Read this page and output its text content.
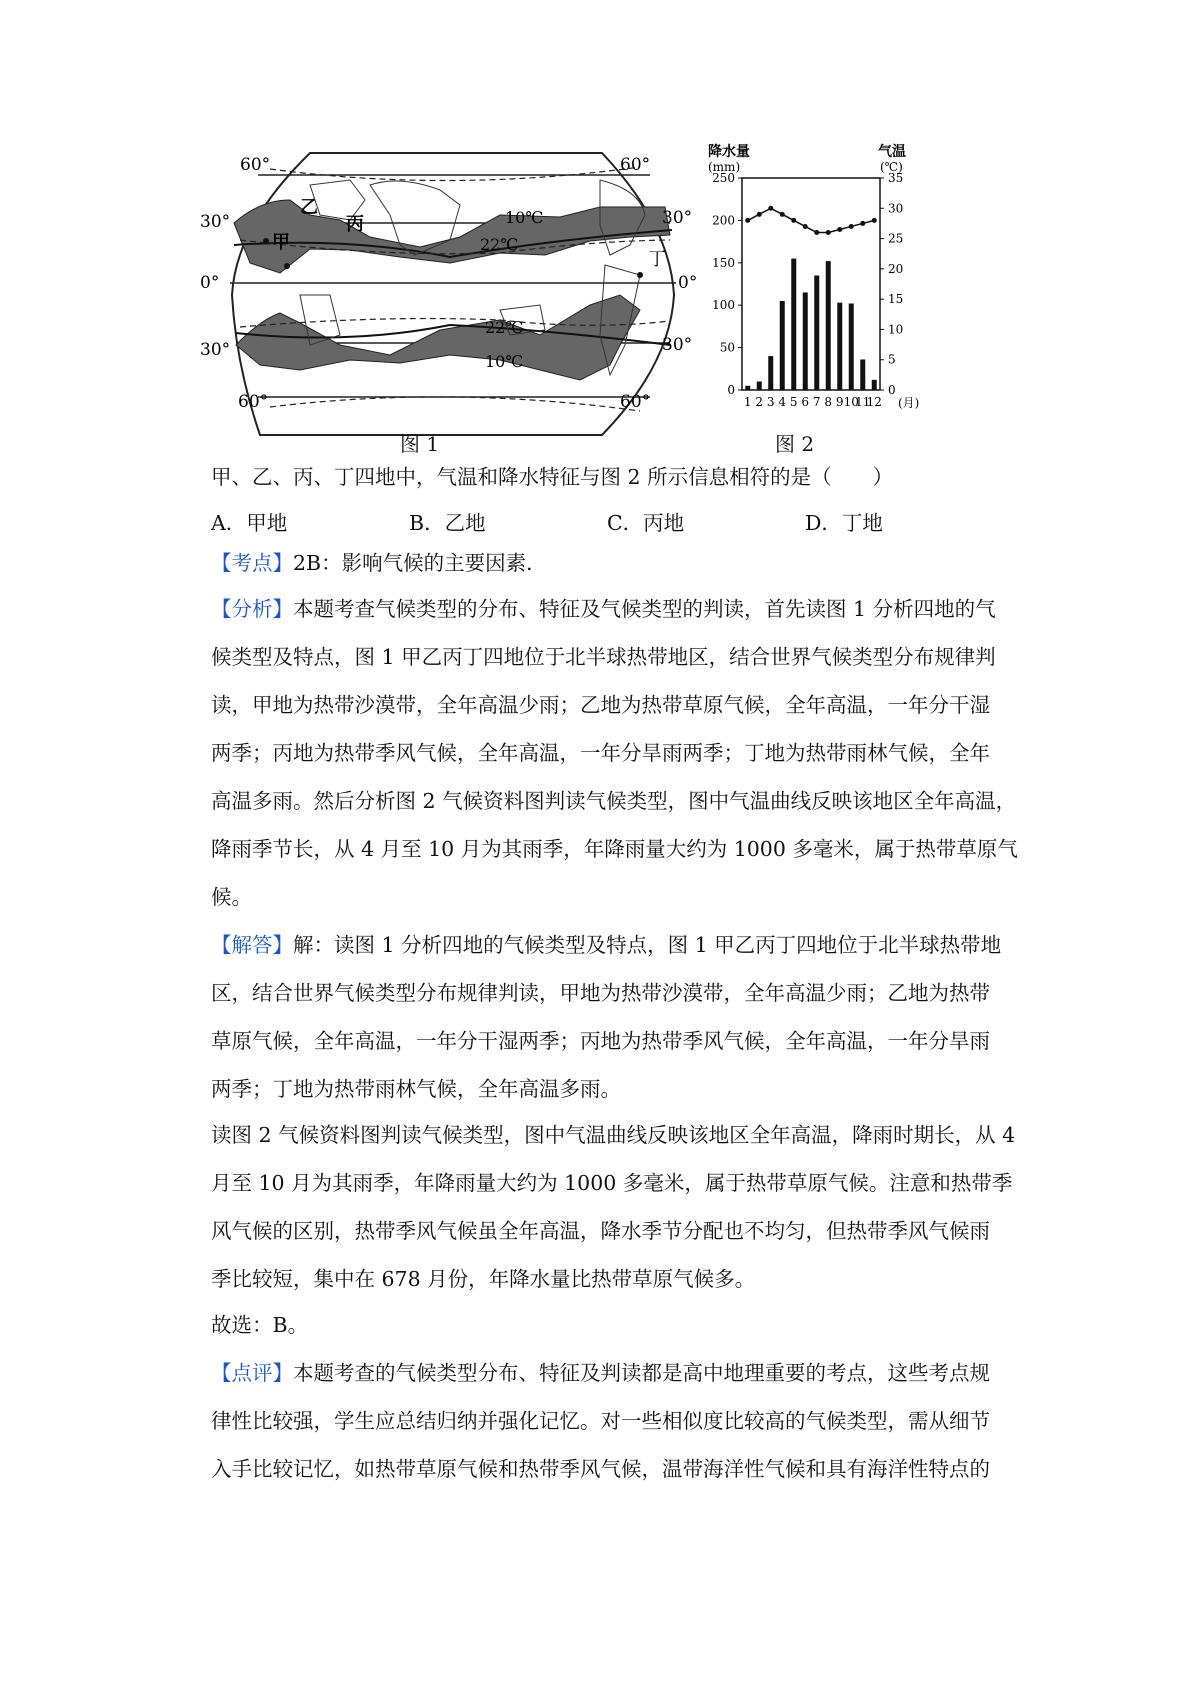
60°	60°
30°	30°
0°	0°
30°	30°
60°	60°
10℃
22℃
22℃
10℃
甲
乙
丙
丁
图 1
降水量
(mm)
气温
(℃)
0
50
100
150
200
250
0
5
10
15
20
25
30
35
1 2 3 4 5 6 7 8 9 10
11
12 (月)
图 2
甲、乙、丙、丁四地中，气温和降水特征与图 2 所示信息相符的是（　　）
A．甲地	B．乙地	C．丙地	D．丁地
【考点】2B：影响气候的主要因素．
【分析】本题考查气候类型的分布、特征及气候类型的判读，首先读图 1 分析四地的气
候类型及特点，图 1 甲乙丙丁四地位于北半球热带地区，结合世界气候类型分布规律判
读，甲地为热带沙漠带，全年高温少雨；乙地为热带草原气候，全年高温，一年分干湿
两季；丙地为热带季风气候，全年高温，一年分旱雨两季；丁地为热带雨林气候，全年
高温多雨。然后分析图 2 气候资料图判读气候类型，图中气温曲线反映该地区全年高温，
降雨季节长，从 4 月至 10 月为其雨季，年降雨量大约为 1000 多毫米，属于热带草原气
候。
【解答】解：读图 1 分析四地的气候类型及特点，图 1 甲乙丙丁四地位于北半球热带地
区，结合世界气候类型分布规律判读，甲地为热带沙漠带，全年高温少雨；乙地为热带
草原气候，全年高温，一年分干湿两季；丙地为热带季风气候，全年高温，一年分旱雨
两季；丁地为热带雨林气候，全年高温多雨。
读图 2 气候资料图判读气候类型，图中气温曲线反映该地区全年高温，降雨时期长，从 4
月至 10 月为其雨季，年降雨量大约为 1000 多毫米，属于热带草原气候。注意和热带季
风气候的区别，热带季风气候虽全年高温，降水季节分配也不均匀，但热带季风气候雨
季比较短，集中在 678 月份，年降水量比热带草原气候多。
故选：B。
【点评】本题考查的气候类型分布、特征及判读都是高中地理重要的考点，这些考点规
律性比较强，学生应总结归纳并强化记忆。对一些相似度比较高的气候类型，需从细节
入手比较记忆，如热带草原气候和热带季风气候，温带海洋性气候和具有海洋性特点的
